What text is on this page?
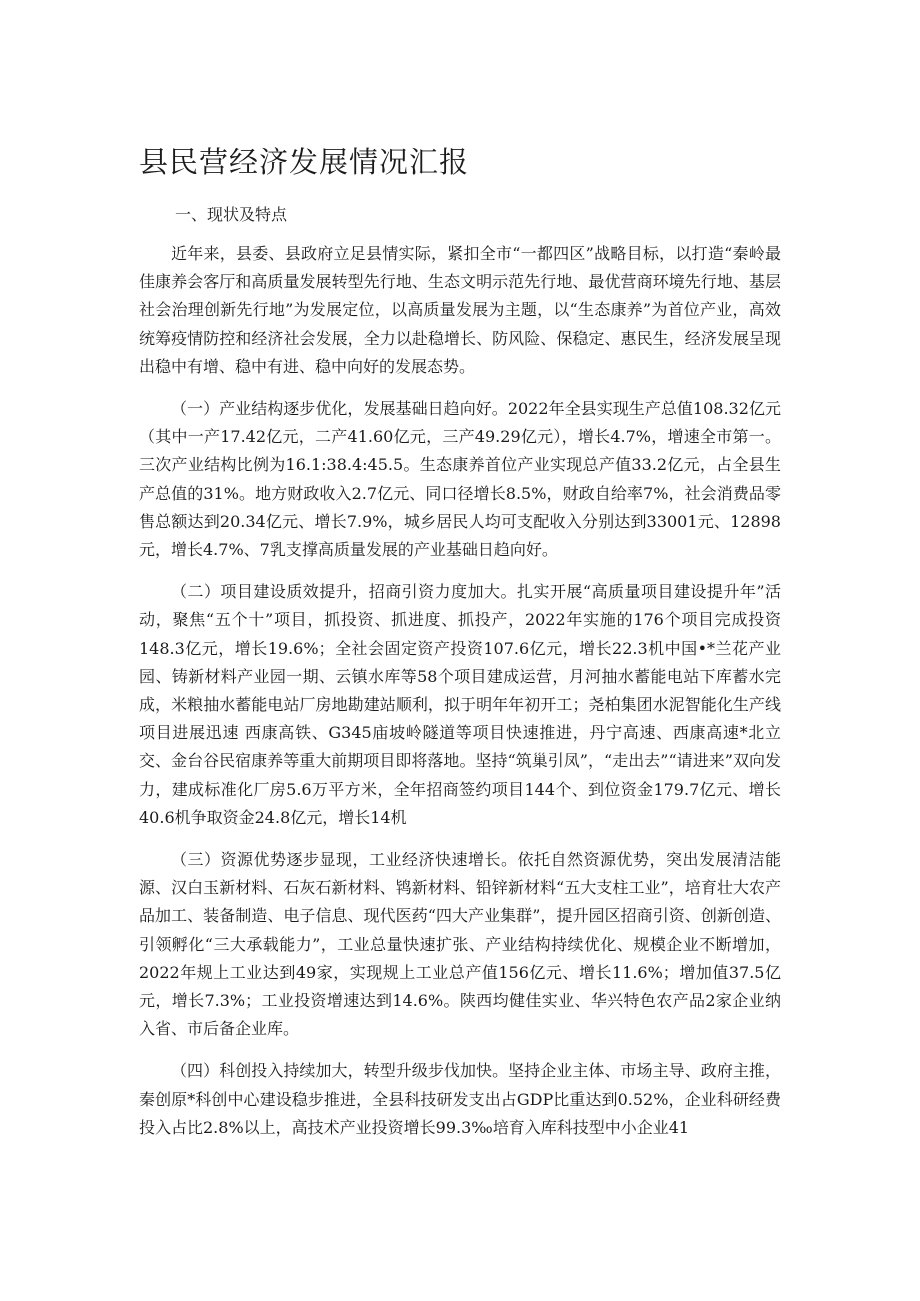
县民营经济发展情况汇报

一、现状及特点

近年来，县委、县政府立足县情实际，紧扣全市“一都四区”战略目标，以打造“秦岭最佳康养会客厅和高质量发展转型先行地、生态文明示范先行地、最优营商环境先行地、基层社会治理创新先行地”为发展定位，以高质量发展为主题，以“生态康养”为首位产业，高效统筹疫情防控和经济社会发展，全力以赴稳增长、防风险、保稳定、惠民生，经济发展呈现出稳中有增、稳中有进、稳中向好的发展态势。

（一）产业结构逐步优化，发展基础日趋向好。2022年全县实现生产总值108.32亿元（其中一产17.42亿元，二产41.60亿元，三产49.29亿元），增长4.7%，增速全市第一。三次产业结构比例为16.1:38.4:45.5。生态康养首位产业实现总产值33.2亿元，占全县生产总值的31%。地方财政收入2.7亿元、同口径增长8.5%，财政自给率7%，社会消费品零售总额达到20.34亿元、增长7.9%，城乡居民人均可支配收入分别达到33001元、12898元，增长4.7%、7乳支撑高质量发展的产业基础日趋向好。

（二）项目建设质效提升，招商引资力度加大。扎实开展“高质量项目建设提升年”活动，聚焦“五个十”项目，抓投资、抓进度、抓投产，2022年实施的176个项目完成投资148.3亿元，增长19.6%；全社会固定资产投资107.6亿元，增长22.3机中国•*兰花产业园、铸新材料产业园一期、云镇水库等58个项目建成运营，月河抽水蓄能电站下库蓄水完成，米粮抽水蓄能电站厂房地勘建站顺利，拟于明年年初开工；尧柏集团水泥智能化生产线项目进展迅速 西康高铁、G345庙坡岭隧道等项目快速推进，丹宁高速、西康高速*北立交、金台谷民宿康养等重大前期项目即将落地。坚持“筑巢引凤”，“走出去”“请进来”双向发力，建成标准化厂房5.6万平方米，全年招商签约项目144个、到位资金179.7亿元、增长40.6机争取资金24.8亿元，增长14机

（三）资源优势逐步显现，工业经济快速增长。依托自然资源优势，突出发展清洁能源、汉白玉新材料、石灰石新材料、鸨新材料、铅锌新材料“五大支柱工业”，培育壮大农产品加工、装备制造、电子信息、现代医药“四大产业集群”，提升园区招商引资、创新创造、引领孵化“三大承载能力”，工业总量快速扩张、产业结构持续优化、规模企业不断增加，2022年规上工业达到49家，实现规上工业总产值156亿元、增长11.6%；增加值37.5亿元，增长7.3%；工业投资增速达到14.6%。陕西均健佳实业、华兴特色农产品2家企业纳入省、市后备企业库。

（四）科创投入持续加大，转型升级步伐加快。坚持企业主体、市场主导、政府主推，秦创原*科创中心建设稳步推进，全县科技研发支出占GDP比重达到0.52%，企业科研经费投入占比2.8%以上，高技术产业投资增长99.3‰培育入库科技型中小企业41
